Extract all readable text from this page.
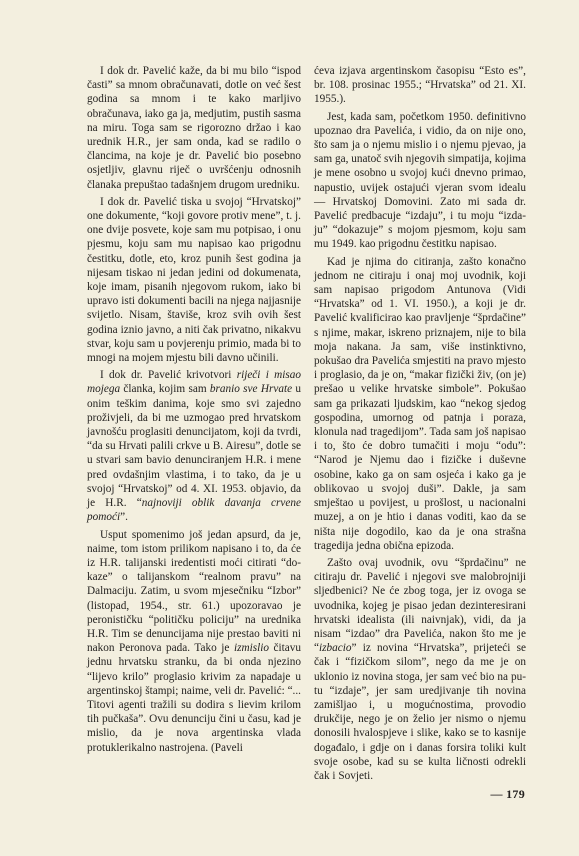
I dok dr. Pavelić kaže, da bi mu bilo “ispod časti” sa mnom obračunavati, dotle on već šest godina sa mnom i te kako marljivo obračunava, iako ga ja, medjutim, pustih sasma na miru. Toga sam se rigorozno držao i kao urednik H.R., jer sam onda, kad se radilo o člancima, na koje je dr. Pavelić bio posebno osjetljiv, glavnu riječ o uvršćenju odnosnih članaka prepuštao tadašnjem drugom uredniku.

I dok dr. Pavelić tiska u svojoj “Hrvatskoj” one dokumente, “koji govore protiv mene”, t. j. one dvije posvete, koje sam mu potpisao, i onu pjesmu, koju sam mu napisao kao prigodnu čestitku, dotle, eto, kroz punih šest godina ja nijesam tiskao ni jedan jedini od dokumenata, koje imam, pisanih njegovom rukom, iako bi upravo isti dokumenti bacili na njega najjasnije svijetlo. Nisam, štaviše, kroz svih ovih šest godina iznio javno, a niti čak privatno, nikakvu stvar, koju sam u povjerenju primio, mada bi to mnogi na mojem mjestu bili davno učinili.

I dok dr. Pavelić krivotvori riječi i misao mojega članka, kojim sam branio sve Hrvate u onim teškim danima, koje smo svi zajedno proživjeli, da bi me uzmogao pred hrvatskom javnošću proglasiti denuncijatom, koji da tvrdi, “da su Hrvati palili crkve u B. Airesu”, dotle se u stvari sam bavio denunciranjem H.R. i mene pred ovdašnjim vlastima, i to tako, da je u svojoj “Hrvatskoj” od 4. XI. 1953. objavio, da je H.R. “najnoviji oblik davanja crvene pomoći”.

Usput spomenimo još jedan apsurd, da je, naime, tom istom prilikom napisano i to, da će iz H.R. talijanski iredentisti moći citirati “dokaze” o talijanskom “realnom pravu” na Dalmaciju. Zatim, u svom mjesečniku “Izbor” (listopad, 1954., str. 61.) upozoravao je peronističku “političku policiju” na urednika H.R. Tim se denuncijama nije prestao baviti ni nakon Peronova pada. Tako je izmislio čitavu jednu hrvatsku stranku, da bi onda njezino “lijevo krilo” proglasio krivim za napadaje u argentinskoj štampi; naime, veli dr. Pavelić: “... Titovi agenti tražili su dodira s lievim krilom tih pučkaša”. Ovu denunciju čini u času, kad je mislio, da je nova argentinska vlada protuklerikalno nastrojena. (Paveli

ćeva izjava argentinskom časopisu “Esto es”, br. 108. prosinac 1955.; “Hrvatska” od 21. XI. 1955.).

Jest, kada sam, početkom 1950. definitivno upoznao dra Pavelića, i vidio, da on nije ono, što sam ja o njemu mislio i o njemu pjevao, ja sam ga, unatoč svih njegovih simpatija, kojima je mene osobno u svojoj kući dnevno primao, napustio, uvijek ostajući vjeran svom idealu — Hrvatskoj Domovini. Zato mi sada dr. Pavelić predbacuje “izdaju”, i tu moju “izdaju” “dokazuje” s mojom pjesmom, koju sam mu 1949. kao prigodnu čestitku napisao.

Kad je njima do citiranja, zašto konačno jednom ne citiraju i onaj moj uvodnik, koji sam napisao prigodom Antunova (Vidi “Hrvatska” od 1. VI. 1950.), a koji je dr. Pavelić kvalificirao kao pravljenje “šprdačine” s njime, makar, iskreno priznajem, nije to bila moja nakana. Ja sam, više instinktivno, pokušao dra Pavelića smjestiti na pravo mjesto i proglasio, da je on, “makar fizički živ, (on je) prešao u velike hrvatske simbole”. Pokušao sam ga prikazati ljudskim, kao “nekog sjedog gospodina, umornog od patnja i poraza, klonula nad tragedijom”. Tada sam još napisao i to, što će dobro tumačiti i moju “odu”: “Narod je Njemu dao i fizičke i duševne osobine, kako ga on sam osjeća i kako ga je oblikovao u svojoj duši”. Dakle, ja sam smještao u povijest, u prošlost, u nacionalni muzej, a on je htio i danas voditi, kao da se ništa nije dogodilo, kao da je ona strašna tragedija jedna obična epizoda.

Zašto ovaj uvodnik, ovu “šprdačinu” ne citiraju dr. Pavelić i njegovi sve malobrojniji sljedbenici? Ne će zbog toga, jer iz ovoga se uvodnika, kojeg je pisao jedan dezinteresirani hrvatski idealista (ili naivnjak), vidi, da ja nisam “izdao” dra Pavelića, nakon što me je “izbacio” iz novina “Hrvatska”, prijeteći se čak i “fizičkom silom”, nego da me je on uklonio iz novina stoga, jer sam već bio na putu “izdaje”, jer sam uredjivanje tih novina zamišljao i, u mogućnostima, provodio drukčije, nego je on želio jer nismo o njemu donosili hvalospjeve i slike, kako se to kasnije događalo, i gdje on i danas forsira toliki kult svoje osobe, kad su se kulta ličnosti odrekli čak i Sovjeti.

— 179
